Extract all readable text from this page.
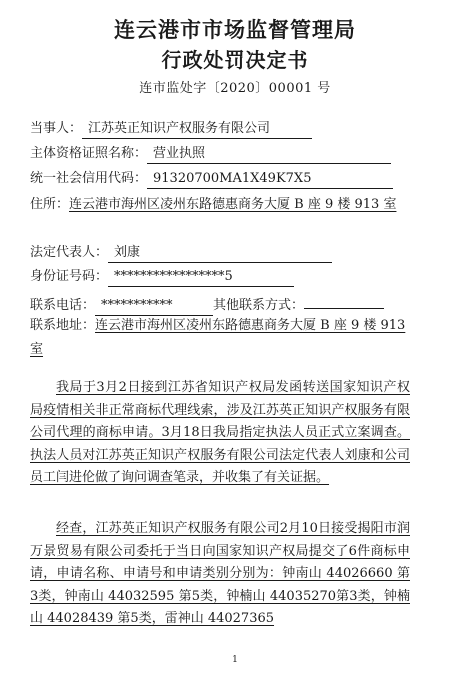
连云港市市场监督管理局
行政处罚决定书
连市监处字〔2020〕00001 号
当事人： 江苏英正知识产权服务有限公司
主体资格证照名称： 营业执照
统一社会信用代码： 91320700MA1X49K7X5
住所：连云港市海州区凌州东路德惠商务大厦 B 座 9 楼 913 室
法定代表人： 刘康
身份证号码： *****************5
联系电话： ***********	其他联系方式：
联系地址：连云港市海州区凌州东路德惠商务大厦 B 座 9 楼 913 室
我局于3月2日接到江苏省知识产权局发函转送国家知识产权局疫情相关非正常商标代理线索，涉及江苏英正知识产权服务有限公司代理的商标申请。3月18日我局指定执法人员正式立案调查。执法人员对江苏英正知识产权服务有限公司法定代表人刘康和公司员工闫进伦做了询问调查笔录，并收集了有关证据。
经查，江苏英正知识产权服务有限公司2月10日接受揭阳市润万景贸易有限公司委托于当日向国家知识产权局提交了6件商标申请，申请名称、申请号和申请类别分别为：钟南山 44026660 第3类，钟南山 44032595 第5类，钟楠山 44035270第3类，钟楠山 44028439 第5类，雷神山 44027365
1
